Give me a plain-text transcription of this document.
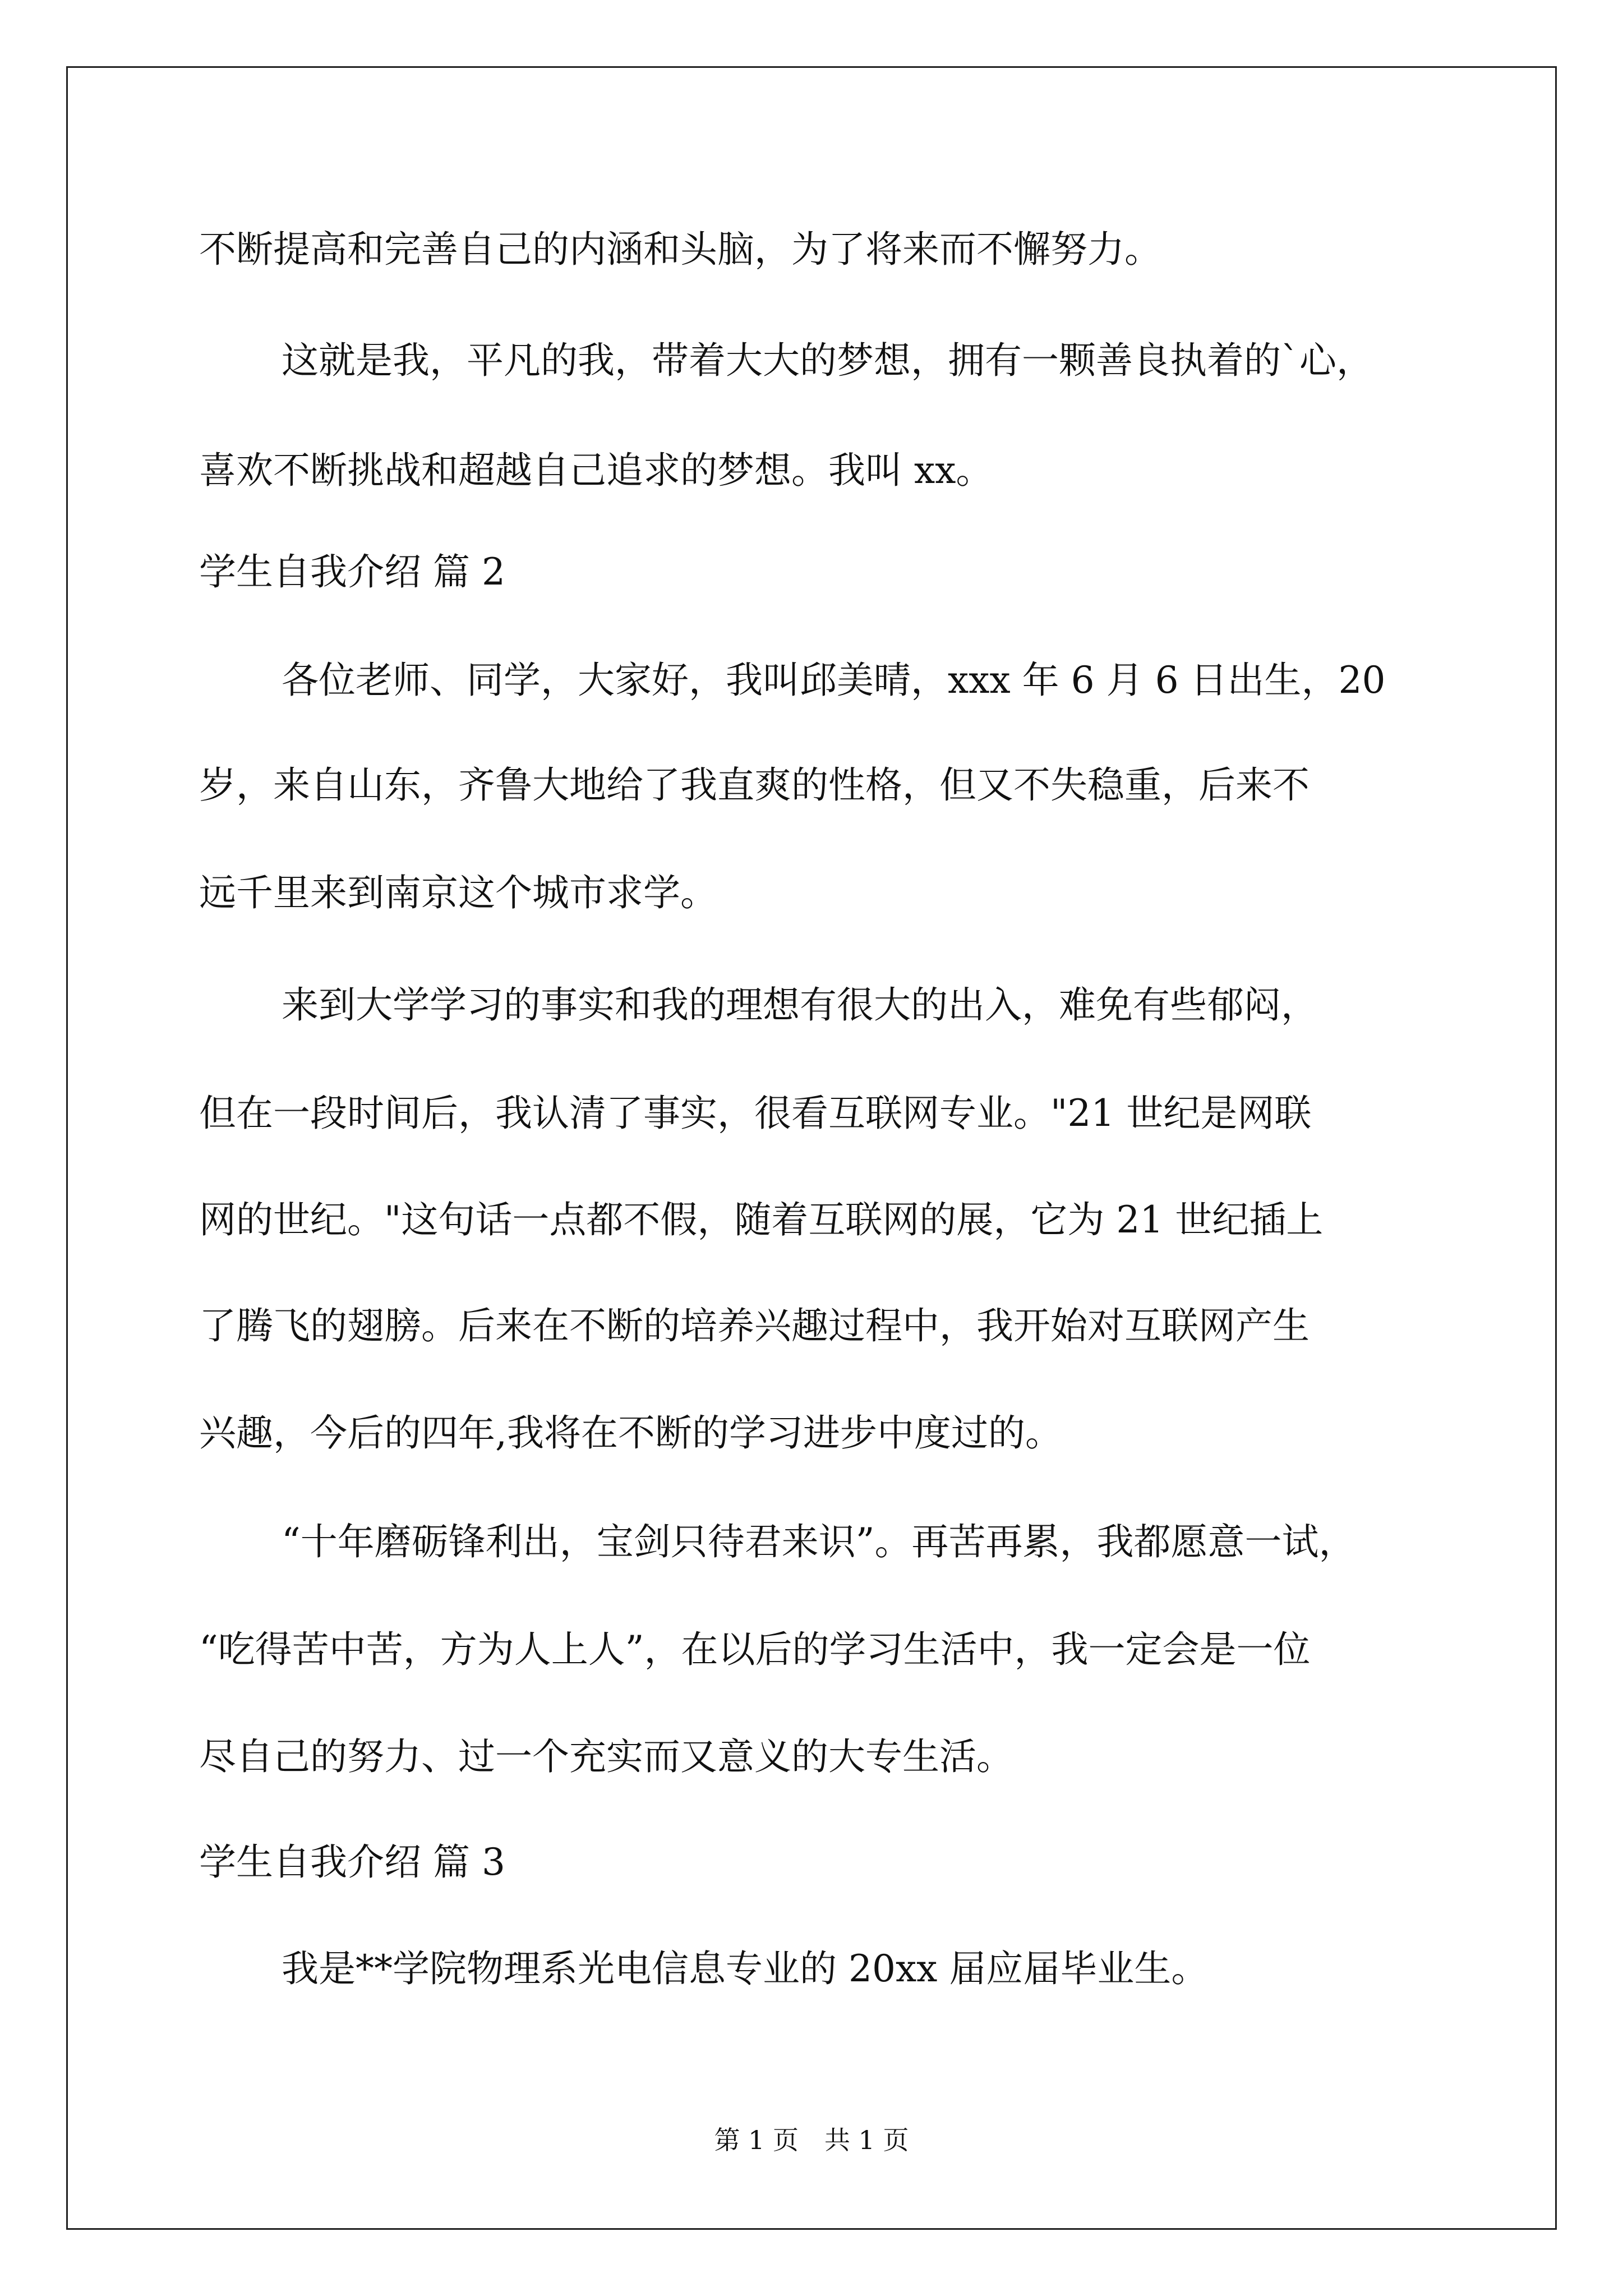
不断提高和完善自己的内涵和头脑，为了将来而不懈努力。
这就是我，平凡的我，带着大大的梦想，拥有一颗善良执着的`心，
喜欢不断挑战和超越自己追求的梦想。我叫 xx。
学生自我介绍 篇 2
各位老师、同学，大家好，我叫邱美晴，xxx 年 6 月 6 日出生，20
岁，来自山东，齐鲁大地给了我直爽的性格，但又不失稳重，后来不
远千里来到南京这个城市求学。
来到大学学习的事实和我的理想有很大的出入，难免有些郁闷，
但在一段时间后，我认清了事实，很看互联网专业。"21 世纪是网联
网的世纪。"这句话一点都不假，随着互联网的展，它为 21 世纪插上
了腾飞的翅膀。后来在不断的培养兴趣过程中，我开始对互联网产生
兴趣，今后的四年,我将在不断的学习进步中度过的。
“十年磨砺锋利出，宝剑只待君来识”。再苦再累，我都愿意一试，
“吃得苦中苦，方为人上人”，在以后的学习生活中，我一定会是一位
尽自己的努力、过一个充实而又意义的大专生活。
学生自我介绍 篇 3
我是**学院物理系光电信息专业的 20xx 届应届毕业生。
第 1 页　共 1 页
